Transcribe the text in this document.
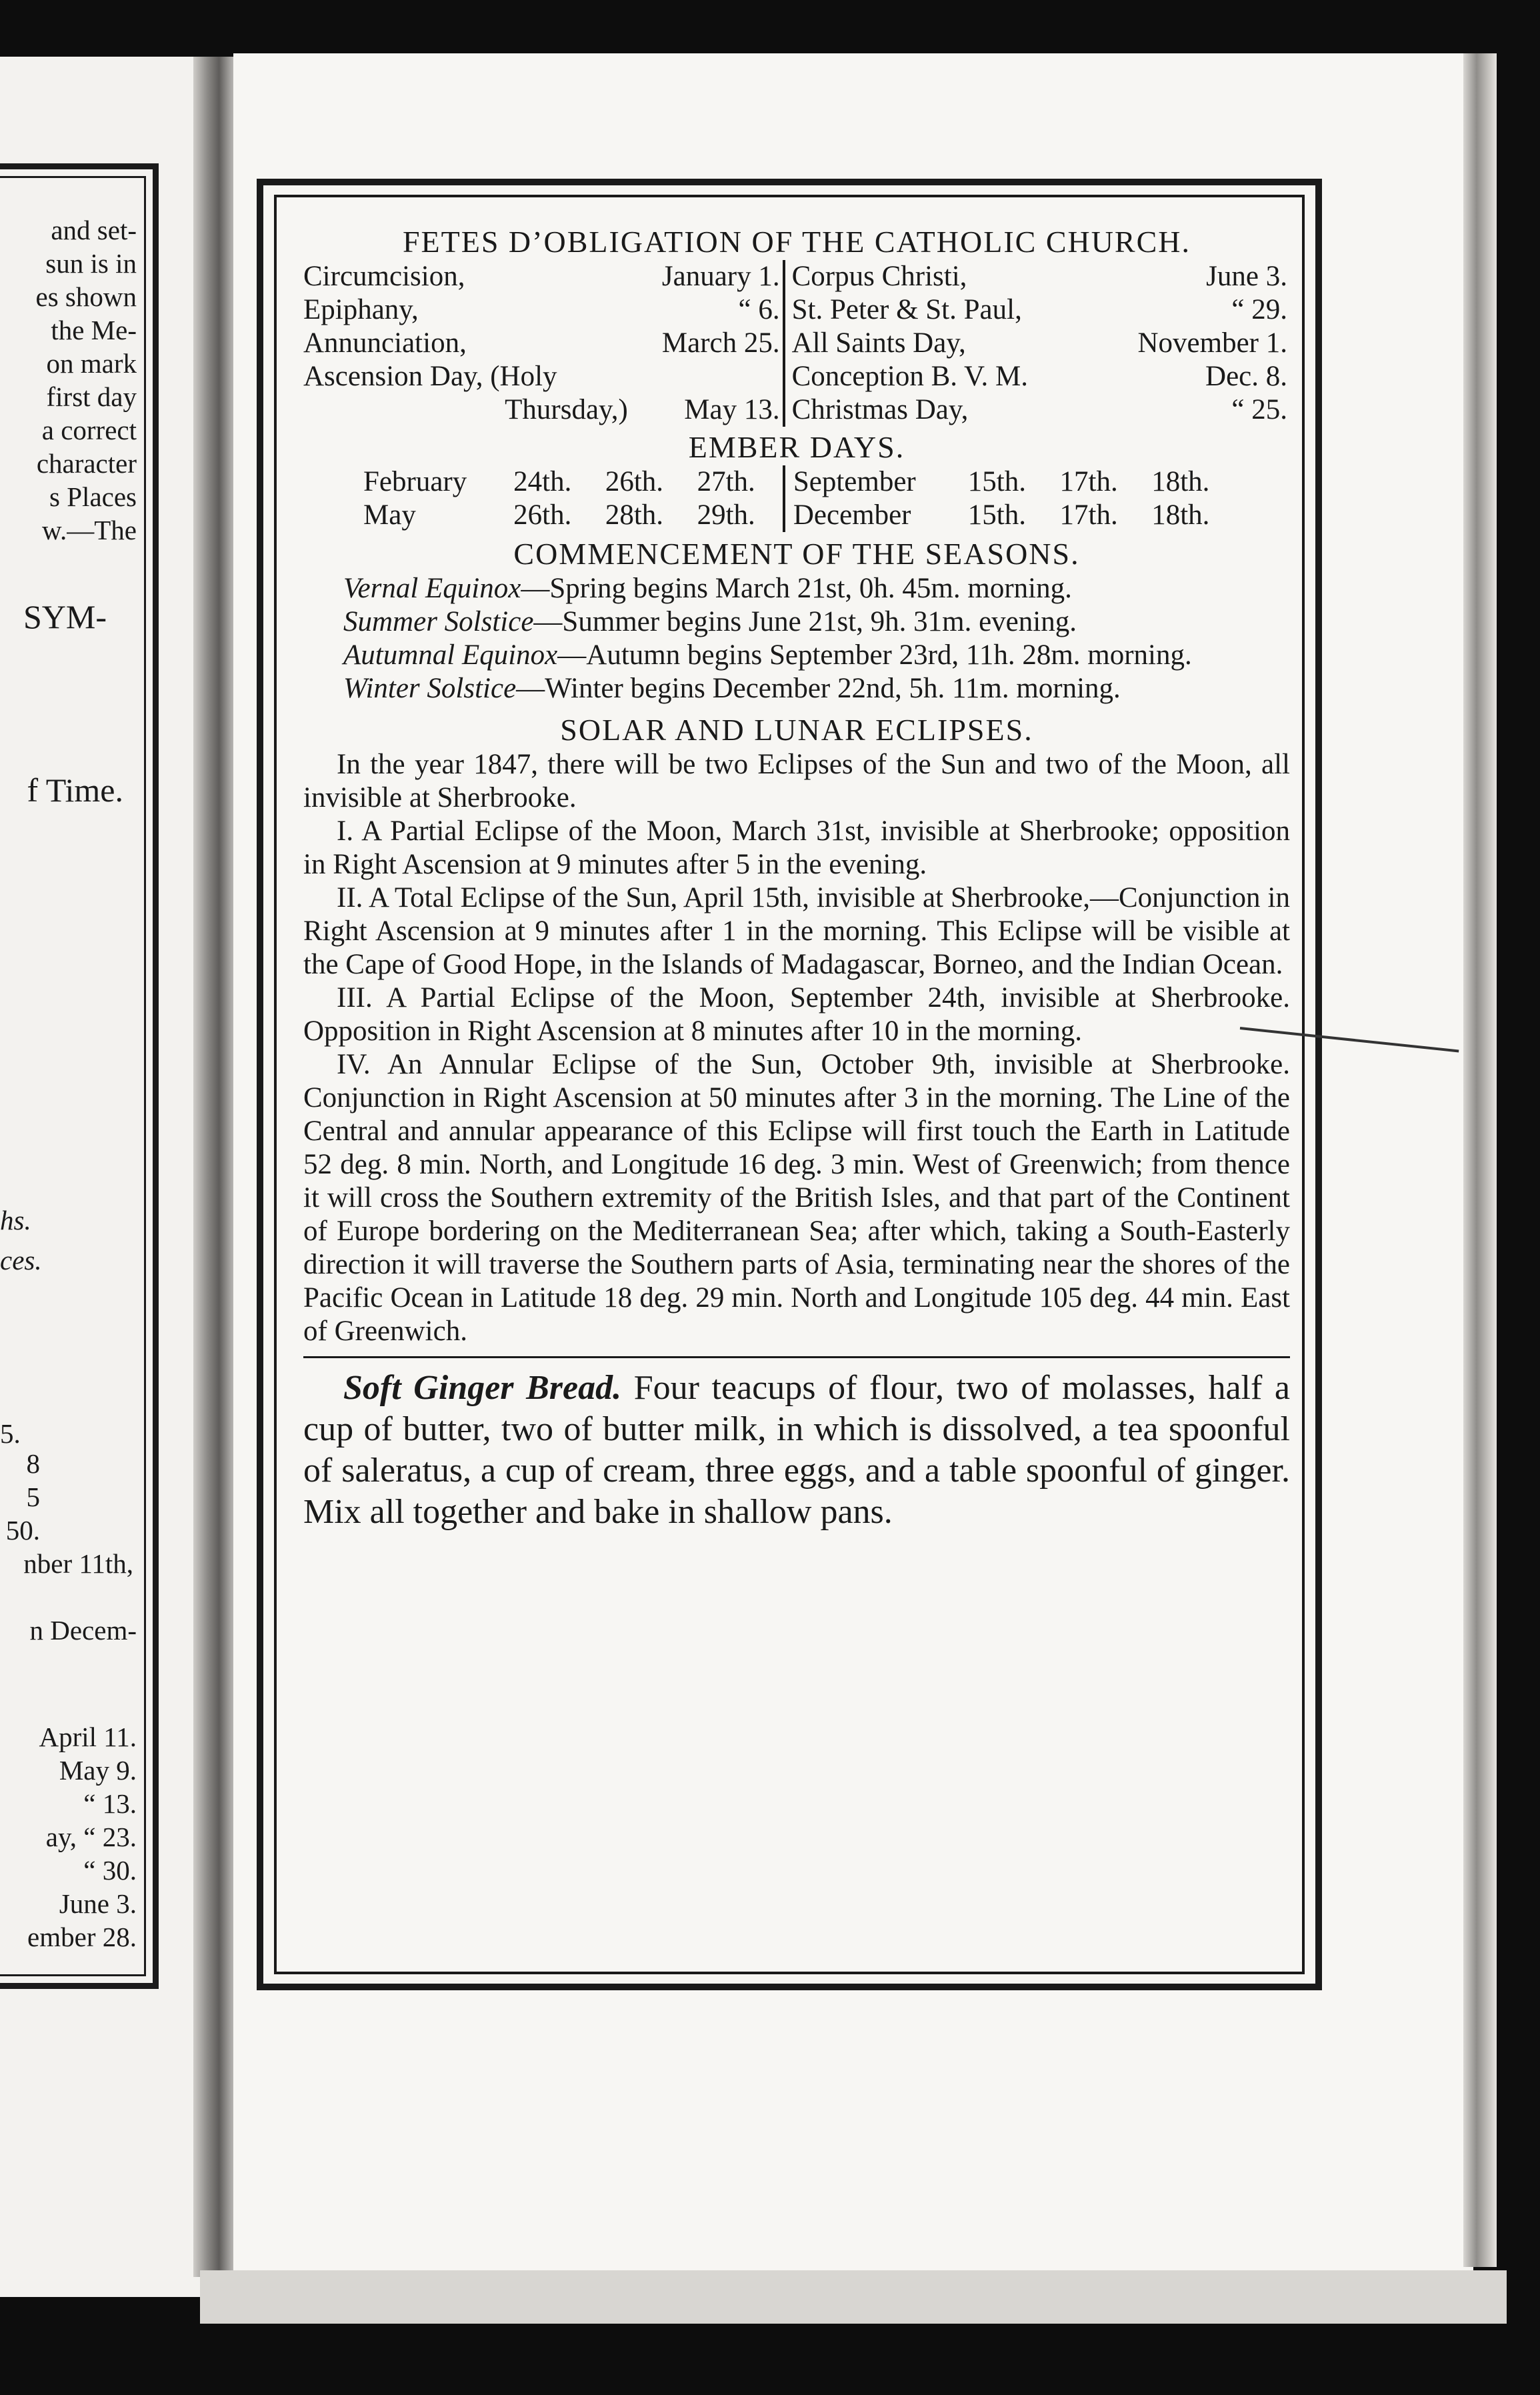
and set-
sun is in
es shown
the Me-
on mark
first day
a correct
character
s Places
w.—The
SYM-
f Time.
hs.
ces.
5.
8
5
50.
nber 11th,
n Decem-
April 11.
May 9.
“ 13.
ay, “ 23.
“ 30.
June 3.
ember 28.

FETES D’OBLIGATION OF THE CATHOLIC CHURCH.

Circumcision,	January 1.		Corpus Christi,	June 3.
Epiphany,	“ 6.		St. Peter & St. Paul,	“ 29.
Annunciation,	March 25.		All Saints Day,	November 1.
Ascension Day, (Holy			Conception B. V. M.	Dec. 8.
Thursday,)	May 13.		Christmas Day,	“ 25.

EMBER DAYS.

February	24th.	26th.	27th.		September	15th.	17th.	18th.
May	26th.	28th.	29th.		December	15th.	17th.	18th.

COMMENCEMENT OF THE SEASONS.

Vernal Equinox—Spring begins March 21st, 0h. 45m. morning.

Summer Solstice—Summer begins June 21st, 9h. 31m. evening.

Autumnal Equinox—Autumn begins September 23rd, 11h. 28m. morning.

Winter Solstice—Winter begins December 22nd, 5h. 11m. morning.

SOLAR AND LUNAR ECLIPSES.

In the year 1847, there will be two Eclipses of the Sun and two of the Moon, all invisible at Sherbrooke.

I. A Partial Eclipse of the Moon, March 31st, invisible at Sherbrooke; opposition in Right Ascension at 9 minutes after 5 in the evening.

II. A Total Eclipse of the Sun, April 15th, invisible at Sherbrooke,—Conjunction in Right Ascension at 9 minutes after 1 in the morning. This Eclipse will be visible at the Cape of Good Hope, in the Islands of Madagascar, Borneo, and the Indian Ocean.

III. A Partial Eclipse of the Moon, September 24th, invisible at Sherbrooke. Opposition in Right Ascension at 8 minutes after 10 in the morning.

IV. An Annular Eclipse of the Sun, October 9th, invisible at Sherbrooke. Conjunction in Right Ascension at 50 minutes after 3 in the morning. The Line of the Central and annular appearance of this Eclipse will first touch the Earth in Latitude 52 deg. 8 min. North, and Longitude 16 deg. 3 min. West of Greenwich; from thence it will cross the Southern extremity of the British Isles, and that part of the Continent of Europe bordering on the Mediterranean Sea; after which, taking a South-Easterly direction it will traverse the Southern parts of Asia, terminating near the shores of the Pacific Ocean in Latitude 18 deg. 29 min. North and Longitude 105 deg. 44 min. East of Greenwich.

Soft Ginger Bread. Four teacups of flour, two of molasses, half a cup of butter, two of butter milk, in which is dissolved, a tea spoonful of saleratus, a cup of cream, three eggs, and a table spoonful of ginger. Mix all together and bake in shallow pans.
